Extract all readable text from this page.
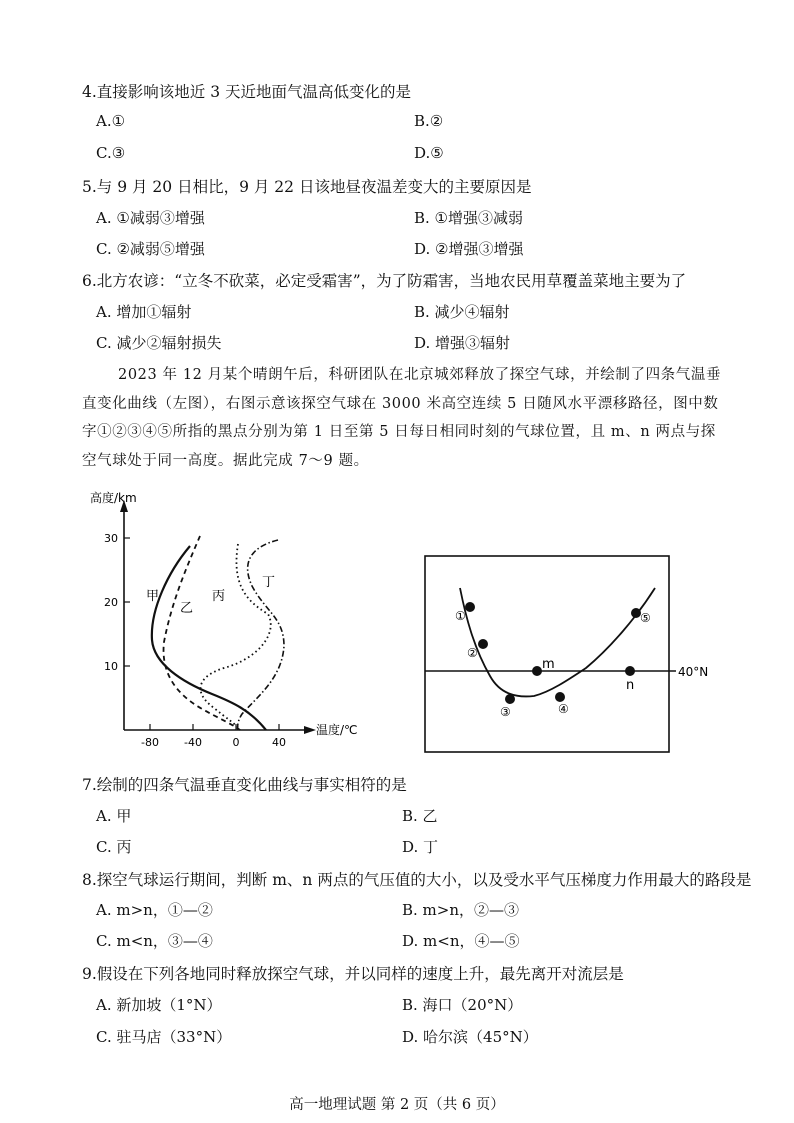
4.直接影响该地近 3 天近地面气温高低变化的是
A.①	B.②
C.③	D.⑤
5.与 9 月 20 日相比，9 月 22 日该地昼夜温差变大的主要原因是
A. ①减弱③增强	B. ①增强③减弱
C. ②减弱⑤增强	D. ②增强③增强
6.北方农谚：“立冬不砍菜，必定受霜害”，为了防霜害，当地农民用草覆盖菜地主要为了
A. 增加①辐射	B. 减少④辐射
C. 减少②辐射损失	D. 增强③辐射
2023 年 12 月某个晴朗午后，科研团队在北京城郊释放了探空气球，并绘制了四条气温垂直变化曲线（左图），右图示意该探空气球在 3000 米高空连续 5 日随风水平漂移路径，图中数字①②③④⑤所指的黑点分别为第 1 日至第 5 日每日相同时刻的气球位置，且 m、n 两点与探空气球处于同一高度。据此完成 7～9 题。
30
20
10
-80 -40	0	40
高度/km
温度/℃
甲
乙
丙
丁
40°N
①
②
③	④
⑤
m
n
7.绘制的四条气温垂直变化曲线与事实相符的是
A. 甲	B. 乙
C. 丙	D. 丁
8.探空气球运行期间，判断 m、n 两点的气压值的大小，以及受水平气压梯度力作用最大的路段是
A. m>n，①—②	B. m>n，②—③
C. m<n，③—④	D. m<n，④—⑤
9.假设在下列各地同时释放探空气球，并以同样的速度上升，最先离开对流层是
A. 新加坡（1°N）	B. 海口（20°N）
C. 驻马店（33°N）	D. 哈尔滨（45°N）
高一地理试题 第 2 页（共 6 页）
